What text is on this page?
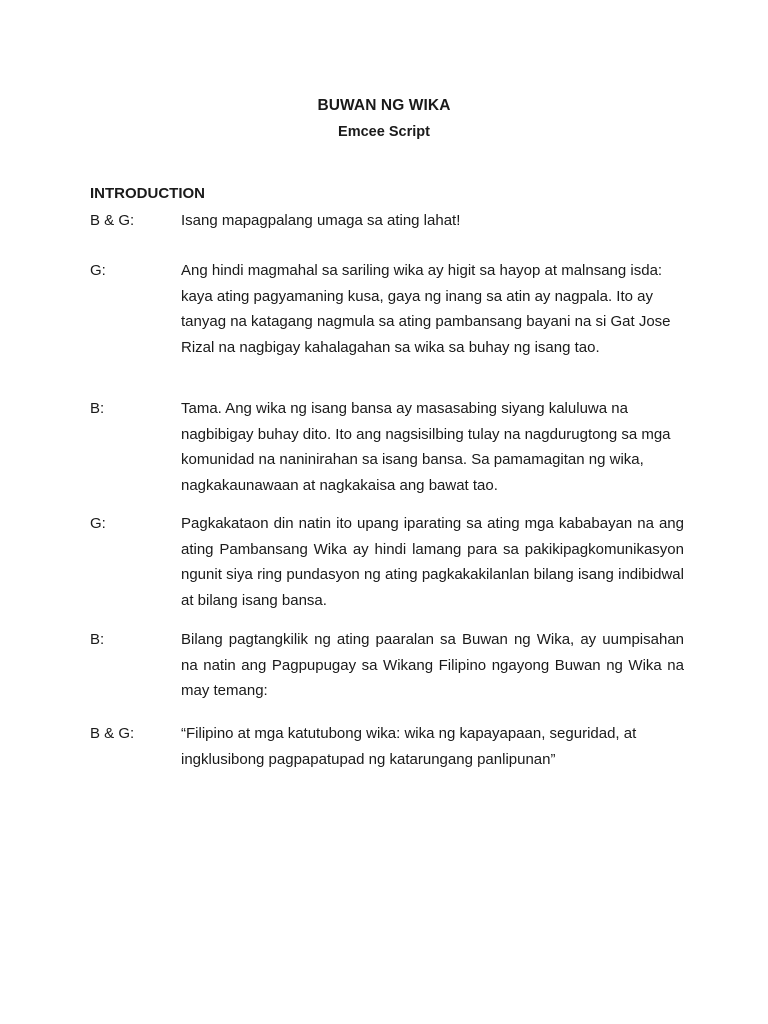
BUWAN NG WIKA
Emcee Script
INTRODUCTION
B & G:	Isang mapagpalang umaga sa ating lahat!
G:	Ang hindi magmahal sa sariling wika ay higit sa hayop at malnsang isda: kaya ating pagyamaning kusa, gaya ng inang sa atin ay nagpala. Ito ay tanyag na katagang nagmula sa ating pambansang bayani na si Gat Jose Rizal na nagbigay kahalagahan sa wika sa buhay ng isang tao.
B:	Tama. Ang wika ng isang bansa ay masasabing siyang kaluluwa na nagbibigay buhay dito. Ito ang nagsisilbing tulay na nagdurugtong sa mga komunidad na naninirahan sa isang bansa. Sa pamamagitan ng wika, nagkakaunawaan at nagkakaisa ang bawat tao.
G:	Pagkakataon din natin ito upang iparating sa ating mga kababayan na ang ating Pambansang Wika ay hindi lamang para sa pakikipagkomunikasyon ngunit siya ring pundasyon ng ating pagkakakilanlan bilang isang indibidwal at bilang isang bansa.
B:	Bilang pagtangkilik ng ating paaralan sa Buwan ng Wika, ay uumpisahan na natin ang Pagpupugay sa Wikang Filipino ngayong Buwan ng Wika na may temang:
B & G:	“Filipino at mga katutubong wika: wika ng kapayapaan, seguridad, at ingklusibong pagpapatupad ng katarungang panlipunan”
